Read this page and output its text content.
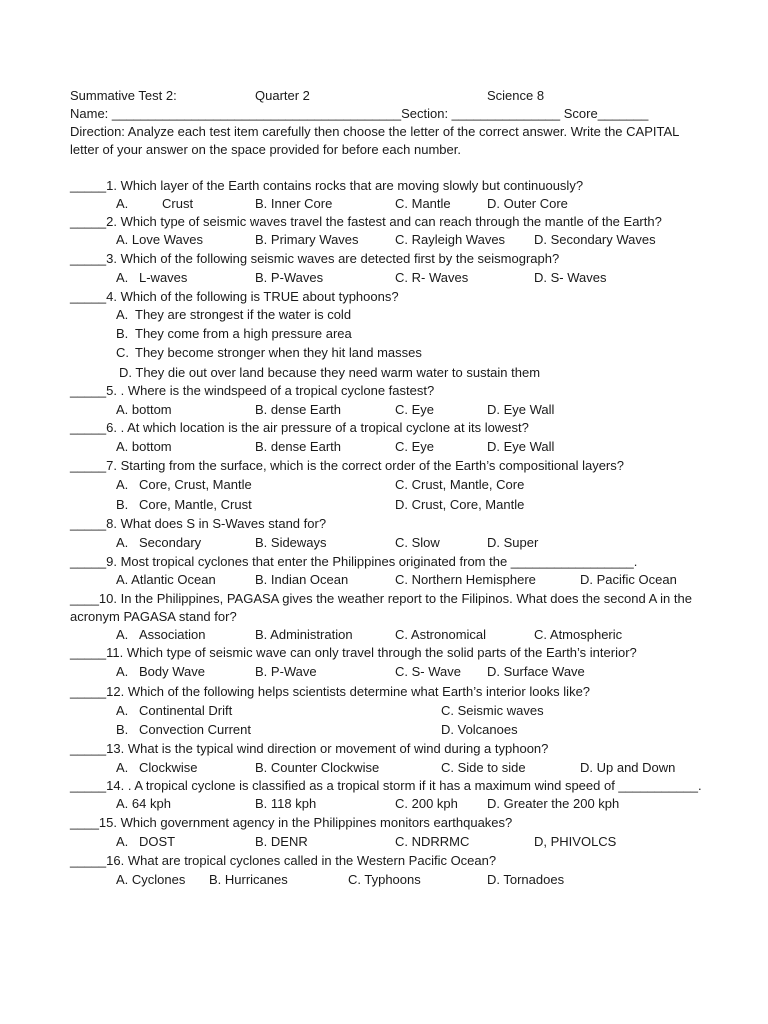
Summative Test 2:	Quarter 2	Science 8
Name: ________________________________________Section: _______________ Score_______
Direction: Analyze each test item carefully then choose the letter of the correct answer. Write the CAPITAL
letter of your answer on the space provided for before each number.
_____1. Which layer of the Earth contains rocks that are moving slowly but continuously?
A.	Crust	B. Inner Core	C. Mantle	D. Outer Core
_____2. Which type of seismic waves travel the fastest and can reach through the mantle of the Earth?
A. Love Waves	B. Primary Waves	C. Rayleigh Waves D. Secondary Waves
_____3. Which of the following seismic waves are detected first by the seismograph?
A. L-waves	B. P-Waves	C. R- Waves	D. S- Waves
_____4. Which of the following is TRUE about typhoons?
A. They are strongest if the water is cold
B. They come from a high pressure area
C. They become stronger when they hit land masses
D. They die out over land because they need warm water to sustain them
_____5. . Where is the windspeed of a tropical cyclone fastest?
A. bottom	B. dense Earth	C. Eye	D. Eye Wall
_____6. . At which location is the air pressure of a tropical cyclone at its lowest?
A. bottom	B. dense Earth	C. Eye	D. Eye Wall
_____7. Starting from the surface, which is the correct order of the Earth’s compositional layers?
A. Core, Crust, Mantle	C. Crust, Mantle, Core
B. Core, Mantle, Crust	D. Crust, Core, Mantle
_____8. What does S in S-Waves stand for?
A. Secondary	B. Sideways	C. Slow	D. Super
_____9. Most tropical cyclones that enter the Philippines originated from the _________________.
A. Atlantic Ocean	B. Indian Ocean	C. Northern Hemisphere	D. Pacific Ocean
____10. In the Philippines, PAGASA gives the weather report to the Filipinos. What does the second A in the
acronym PAGASA stand for?
A. Association	B. Administration	C. Astronomical	C. Atmospheric
_____11. Which type of seismic wave can only travel through the solid parts of the Earth’s interior?
A. Body Wave	B. P-Wave	C. S- Wave D. Surface Wave
_____12. Which of the following helps scientists determine what Earth’s interior looks like?
A. Continental Drift	C. Seismic waves
B. Convection Current	D. Volcanoes
_____13. What is the typical wind direction or movement of wind during a typhoon?
A. Clockwise	B. Counter Clockwise	C. Side to side	D. Up and Down
_____14. . A tropical cyclone is classified as a tropical storm if it has a maximum wind speed of ___________.
A. 64 kph	B. 118 kph	C. 200 kph D. Greater the 200 kph
____15. Which government agency in the Philippines monitors earthquakes?
A. DOST	B. DENR	C. NDRRMC	D, PHIVOLCS
_____16. What are tropical cyclones called in the Western Pacific Ocean?
A. Cyclones B. Hurricanes	C. Typhoons	D. Tornadoes
